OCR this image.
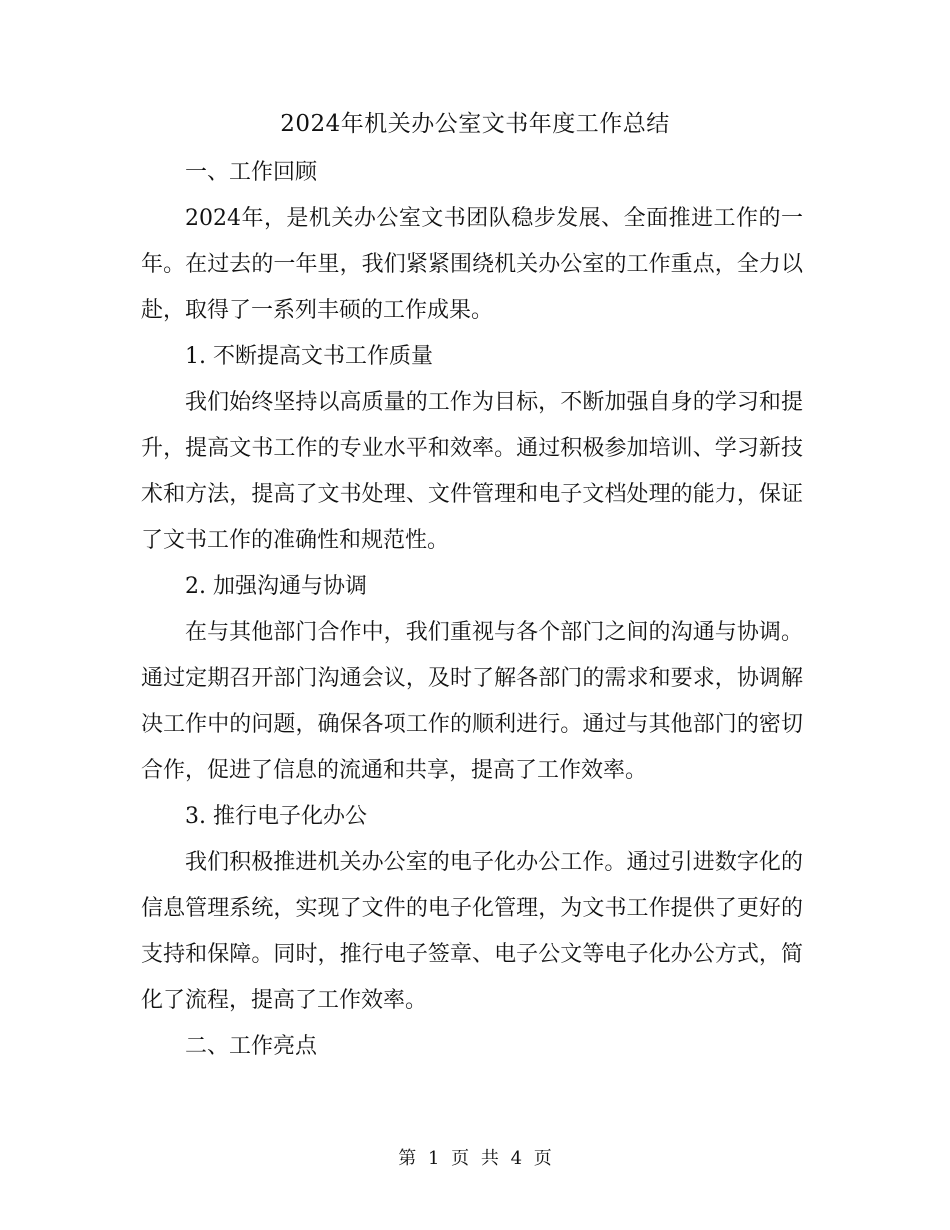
2024年机关办公室文书年度工作总结

一、工作回顾

2024年，是机关办公室文书团队稳步发展、全面推进工作的一年。在过去的一年里，我们紧紧围绕机关办公室的工作重点，全力以赴，取得了一系列丰硕的工作成果。

1. 不断提高文书工作质量

我们始终坚持以高质量的工作为目标，不断加强自身的学习和提升，提高文书工作的专业水平和效率。通过积极参加培训、学习新技术和方法，提高了文书处理、文件管理和电子文档处理的能力，保证了文书工作的准确性和规范性。

2. 加强沟通与协调

在与其他部门合作中，我们重视与各个部门之间的沟通与协调。通过定期召开部门沟通会议，及时了解各部门的需求和要求，协调解决工作中的问题，确保各项工作的顺利进行。通过与其他部门的密切合作，促进了信息的流通和共享，提高了工作效率。

3. 推行电子化办公

我们积极推进机关办公室的电子化办公工作。通过引进数字化的信息管理系统，实现了文件的电子化管理，为文书工作提供了更好的支持和保障。同时，推行电子签章、电子公文等电子化办公方式，简化了流程，提高了工作效率。

二、工作亮点

第 1 页 共 4 页
